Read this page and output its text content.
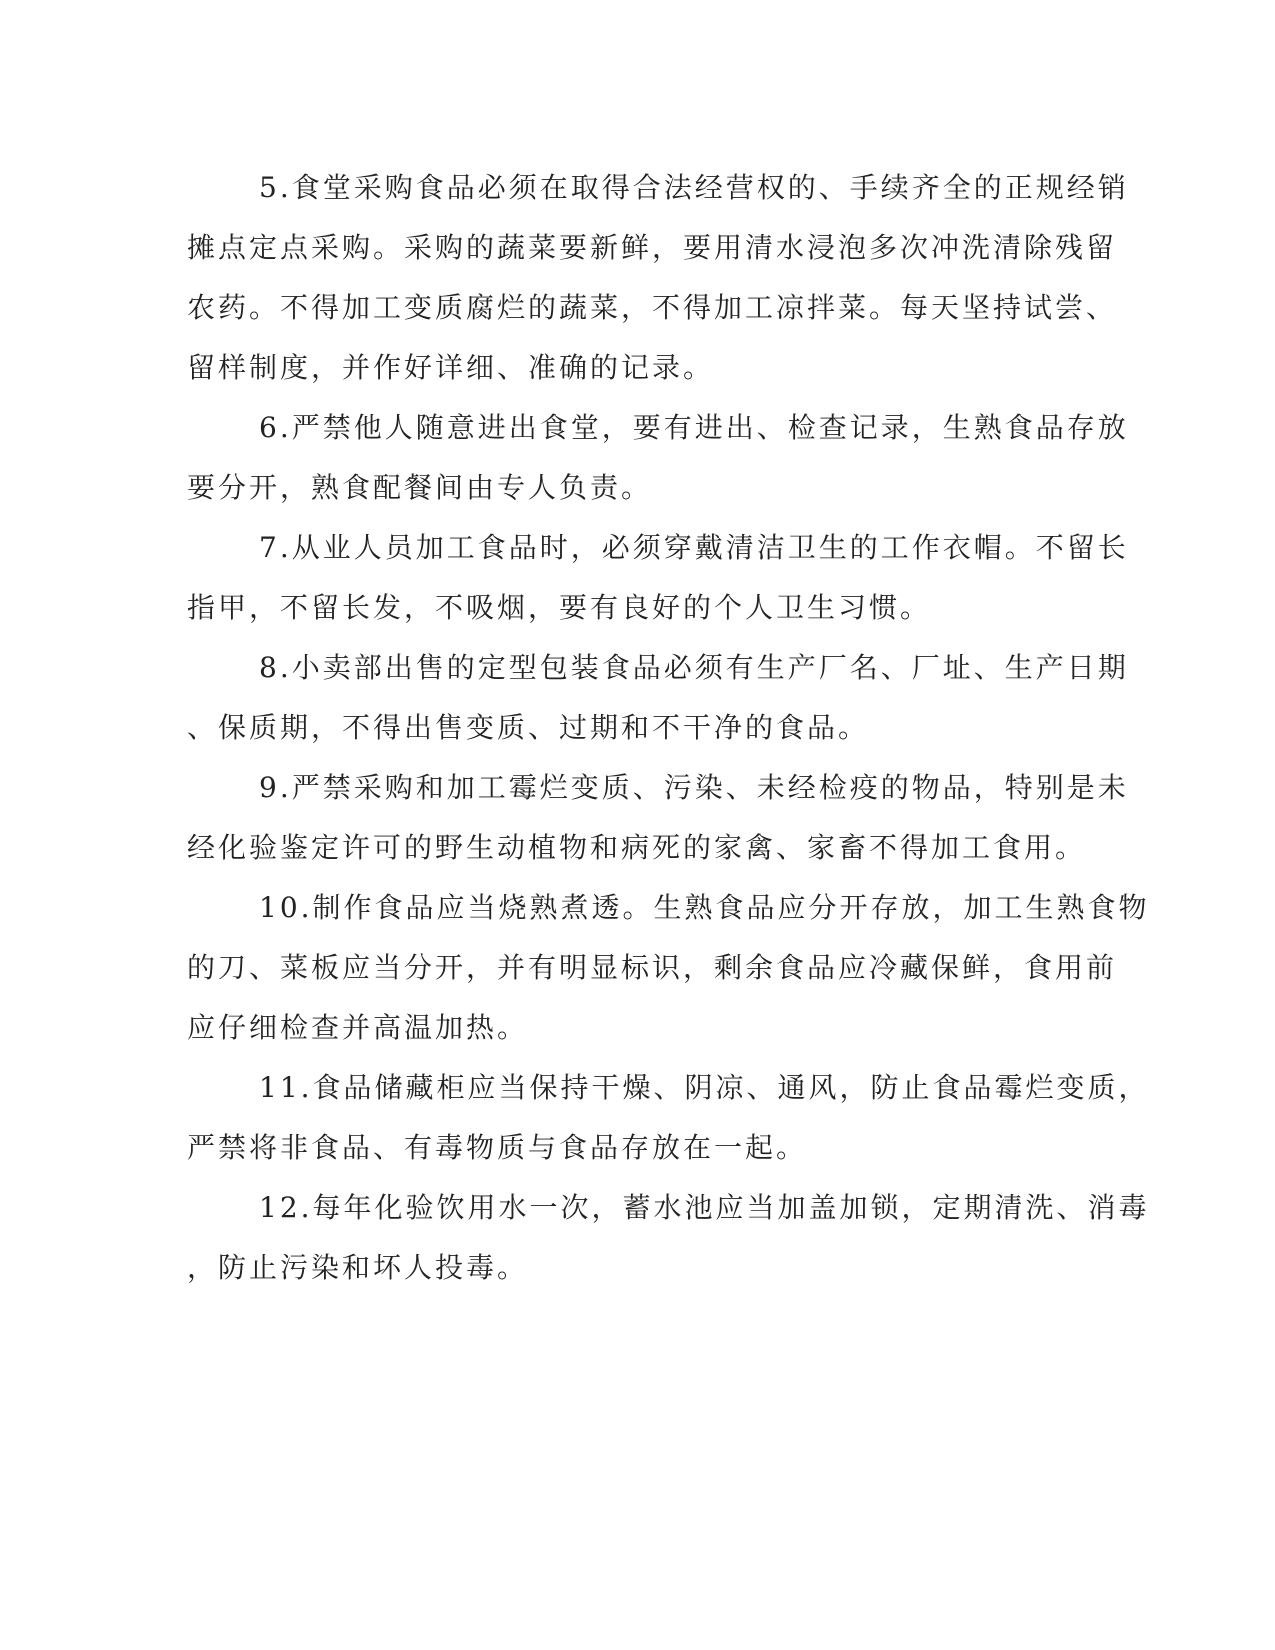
5.食堂采购食品必须在取得合法经营权的、手续齐全的正规经销
摊点定点采购。采购的蔬菜要新鲜，要用清水浸泡多次冲洗清除残留
农药。不得加工变质腐烂的蔬菜，不得加工凉拌菜。每天坚持试尝、
留样制度，并作好详细、准确的记录。

6.严禁他人随意进出食堂，要有进出、检查记录，生熟食品存放
要分开，熟食配餐间由专人负责。

7.从业人员加工食品时，必须穿戴清洁卫生的工作衣帽。不留长
指甲，不留长发，不吸烟，要有良好的个人卫生习惯。

8.小卖部出售的定型包装食品必须有生产厂名、厂址、生产日期
、保质期，不得出售变质、过期和不干净的食品。

9.严禁采购和加工霉烂变质、污染、未经检疫的物品，特别是未
经化验鉴定许可的野生动植物和病死的家禽、家畜不得加工食用。

10.制作食品应当烧熟煮透。生熟食品应分开存放，加工生熟食物
的刀、菜板应当分开，并有明显标识，剩余食品应冷藏保鲜，食用前
应仔细检查并高温加热。

11.食品储藏柜应当保持干燥、阴凉、通风，防止食品霉烂变质，
严禁将非食品、有毒物质与食品存放在一起。

12.每年化验饮用水一次，蓄水池应当加盖加锁，定期清洗、消毒
，防止污染和坏人投毒。
